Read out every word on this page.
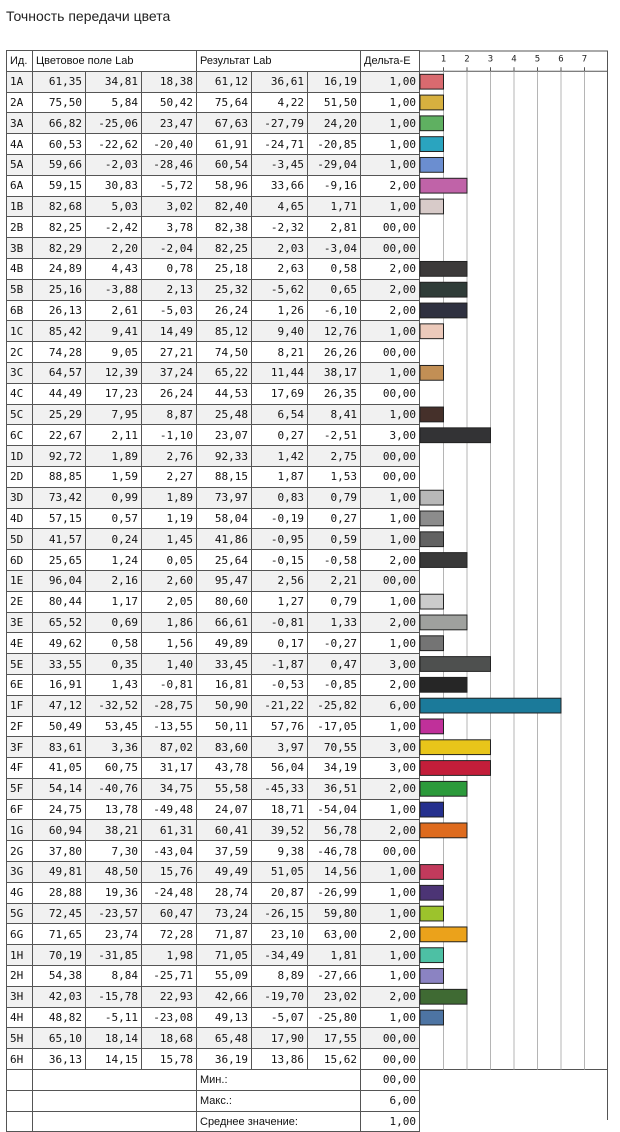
Точность передачи цвета
Ид.	Цветовое поле Lab			Результат Lab			Дельта-Е
1A	61,35	34,81	18,38	61,12	36,61	16,19	1,00
2A	75,50	5,84	50,42	75,64	4,22	51,50	1,00
3A	66,82	-25,06	23,47	67,63	-27,79	24,20	1,00
4A	60,53	-22,62	-20,40	61,91	-24,71	-20,85	1,00
5A	59,66	-2,03	-28,46	60,54	-3,45	-29,04	1,00
6A	59,15	30,83	-5,72	58,96	33,66	-9,16	2,00
1B	82,68	5,03	3,02	82,40	4,65	1,71	1,00
2B	82,25	-2,42	3,78	82,38	-2,32	2,81	00,00
3B	82,29	2,20	-2,04	82,25	2,03	-3,04	00,00
4B	24,89	4,43	0,78	25,18	2,63	0,58	2,00
5B	25,16	-3,88	2,13	25,32	-5,62	0,65	2,00
6B	26,13	2,61	-5,03	26,24	1,26	-6,10	2,00
1C	85,42	9,41	14,49	85,12	9,40	12,76	1,00
2C	74,28	9,05	27,21	74,50	8,21	26,26	00,00
3C	64,57	12,39	37,24	65,22	11,44	38,17	1,00
4C	44,49	17,23	26,24	44,53	17,69	26,35	00,00
5C	25,29	7,95	8,87	25,48	6,54	8,41	1,00
6C	22,67	2,11	-1,10	23,07	0,27	-2,51	3,00
1D	92,72	1,89	2,76	92,33	1,42	2,75	00,00
2D	88,85	1,59	2,27	88,15	1,87	1,53	00,00
3D	73,42	0,99	1,89	73,97	0,83	0,79	1,00
4D	57,15	0,57	1,19	58,04	-0,19	0,27	1,00
5D	41,57	0,24	1,45	41,86	-0,95	0,59	1,00
6D	25,65	1,24	0,05	25,64	-0,15	-0,58	2,00
1E	96,04	2,16	2,60	95,47	2,56	2,21	00,00
2E	80,44	1,17	2,05	80,60	1,27	0,79	1,00
3E	65,52	0,69	1,86	66,61	-0,81	1,33	2,00
4E	49,62	0,58	1,56	49,89	0,17	-0,27	1,00
5E	33,55	0,35	1,40	33,45	-1,87	0,47	3,00
6E	16,91	1,43	-0,81	16,81	-0,53	-0,85	2,00
1F	47,12	-32,52	-28,75	50,90	-21,22	-25,82	6,00
2F	50,49	53,45	-13,55	50,11	57,76	-17,05	1,00
3F	83,61	3,36	87,02	83,60	3,97	70,55	3,00
4F	41,05	60,75	31,17	43,78	56,04	34,19	3,00
5F	54,14	-40,76	34,75	55,58	-45,33	36,51	2,00
6F	24,75	13,78	-49,48	24,07	18,71	-54,04	1,00
1G	60,94	38,21	61,31	60,41	39,52	56,78	2,00
2G	37,80	7,30	-43,04	37,59	9,38	-46,78	00,00
3G	49,81	48,50	15,76	49,49	51,05	14,56	1,00
4G	28,88	19,36	-24,48	28,74	20,87	-26,99	1,00
5G	72,45	-23,57	60,47	73,24	-26,15	59,80	1,00
6G	71,65	23,74	72,28	71,87	23,10	63,00	2,00
1H	70,19	-31,85	1,98	71,05	-34,49	1,81	1,00
2H	54,38	8,84	-25,71	55,09	8,89	-27,66	1,00
3H	42,03	-15,78	22,93	42,66	-19,70	23,02	2,00
4H	48,82	-5,11	-23,08	49,13	-5,07	-25,80	1,00
5H	65,10	18,14	18,68	65,48	17,90	17,55	00,00
6H	36,13	14,15	15,78	36,19	13,86	15,62	00,00
				Мин.:			00,00
				Макс.:			6,00
				Среднее значение:			1,00
1 2 3 4 5 6 7
